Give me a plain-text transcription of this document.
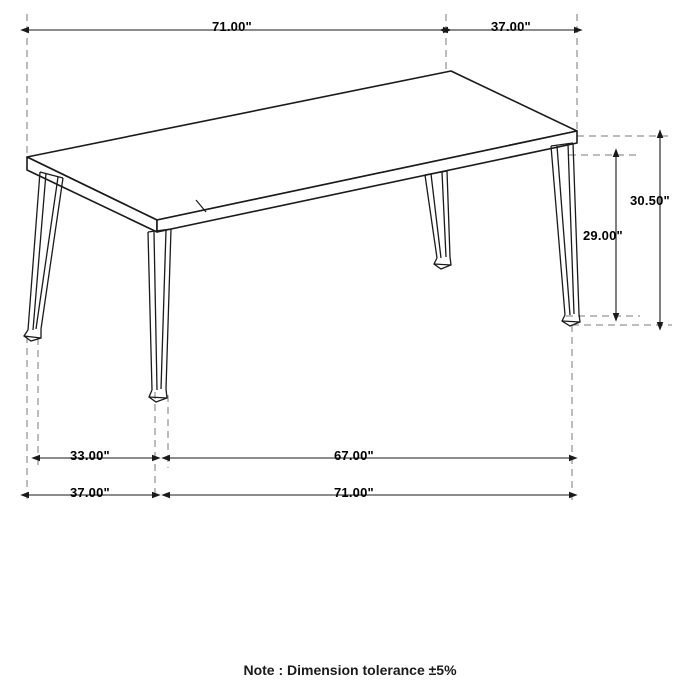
71.00"	37.00"
30.50"
29.00"
33.00"	67.00"
37.00"	71.00"
Note : Dimension tolerance ±5%
